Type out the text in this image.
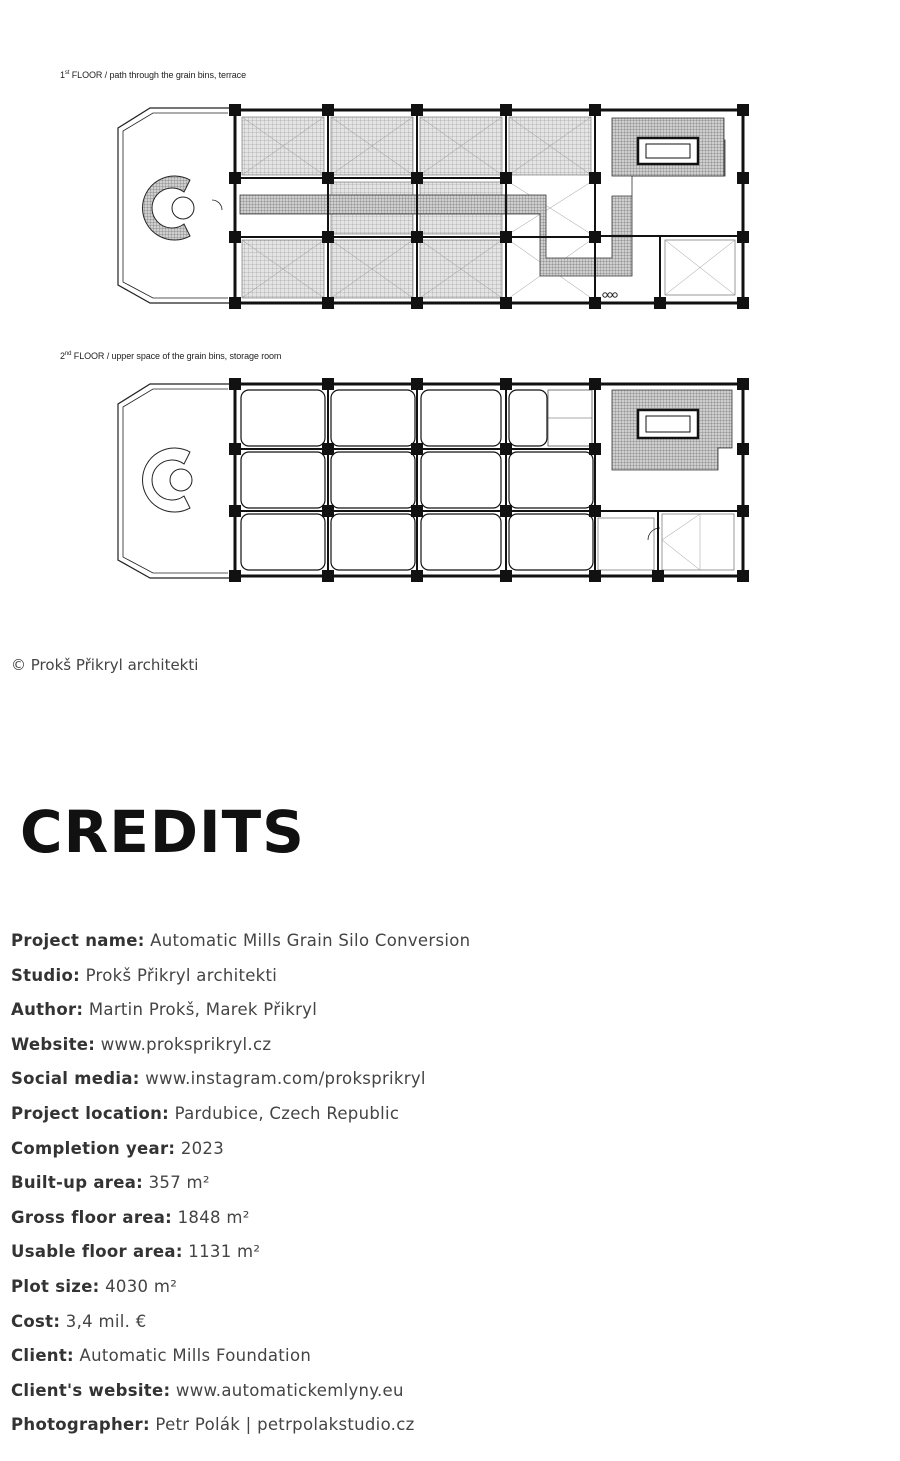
1st FLOOR / path through the grain bins, terrace
2nd FLOOR / upper space of the grain bins, storage room
© Prokš Přikryl architekti
CREDITS
Project name: Automatic Mills Grain Silo Conversion
Studio: Prokš Přikryl architekti
Author: Martin Prokš, Marek Přikryl
Website: www.proksprikryl.cz
Social media: www.instagram.com/proksprikryl
Project location: Pardubice, Czech Republic
Completion year: 2023
Built-up area: 357 m²
Gross floor area: 1848 m²
Usable floor area: 1131 m²
Plot size: 4030 m²
Cost: 3,4 mil. €
Client: Automatic Mills Foundation
Client's website: www.automatickemlyny.eu
Photographer: Petr Polák | petrpolakstudio.cz
